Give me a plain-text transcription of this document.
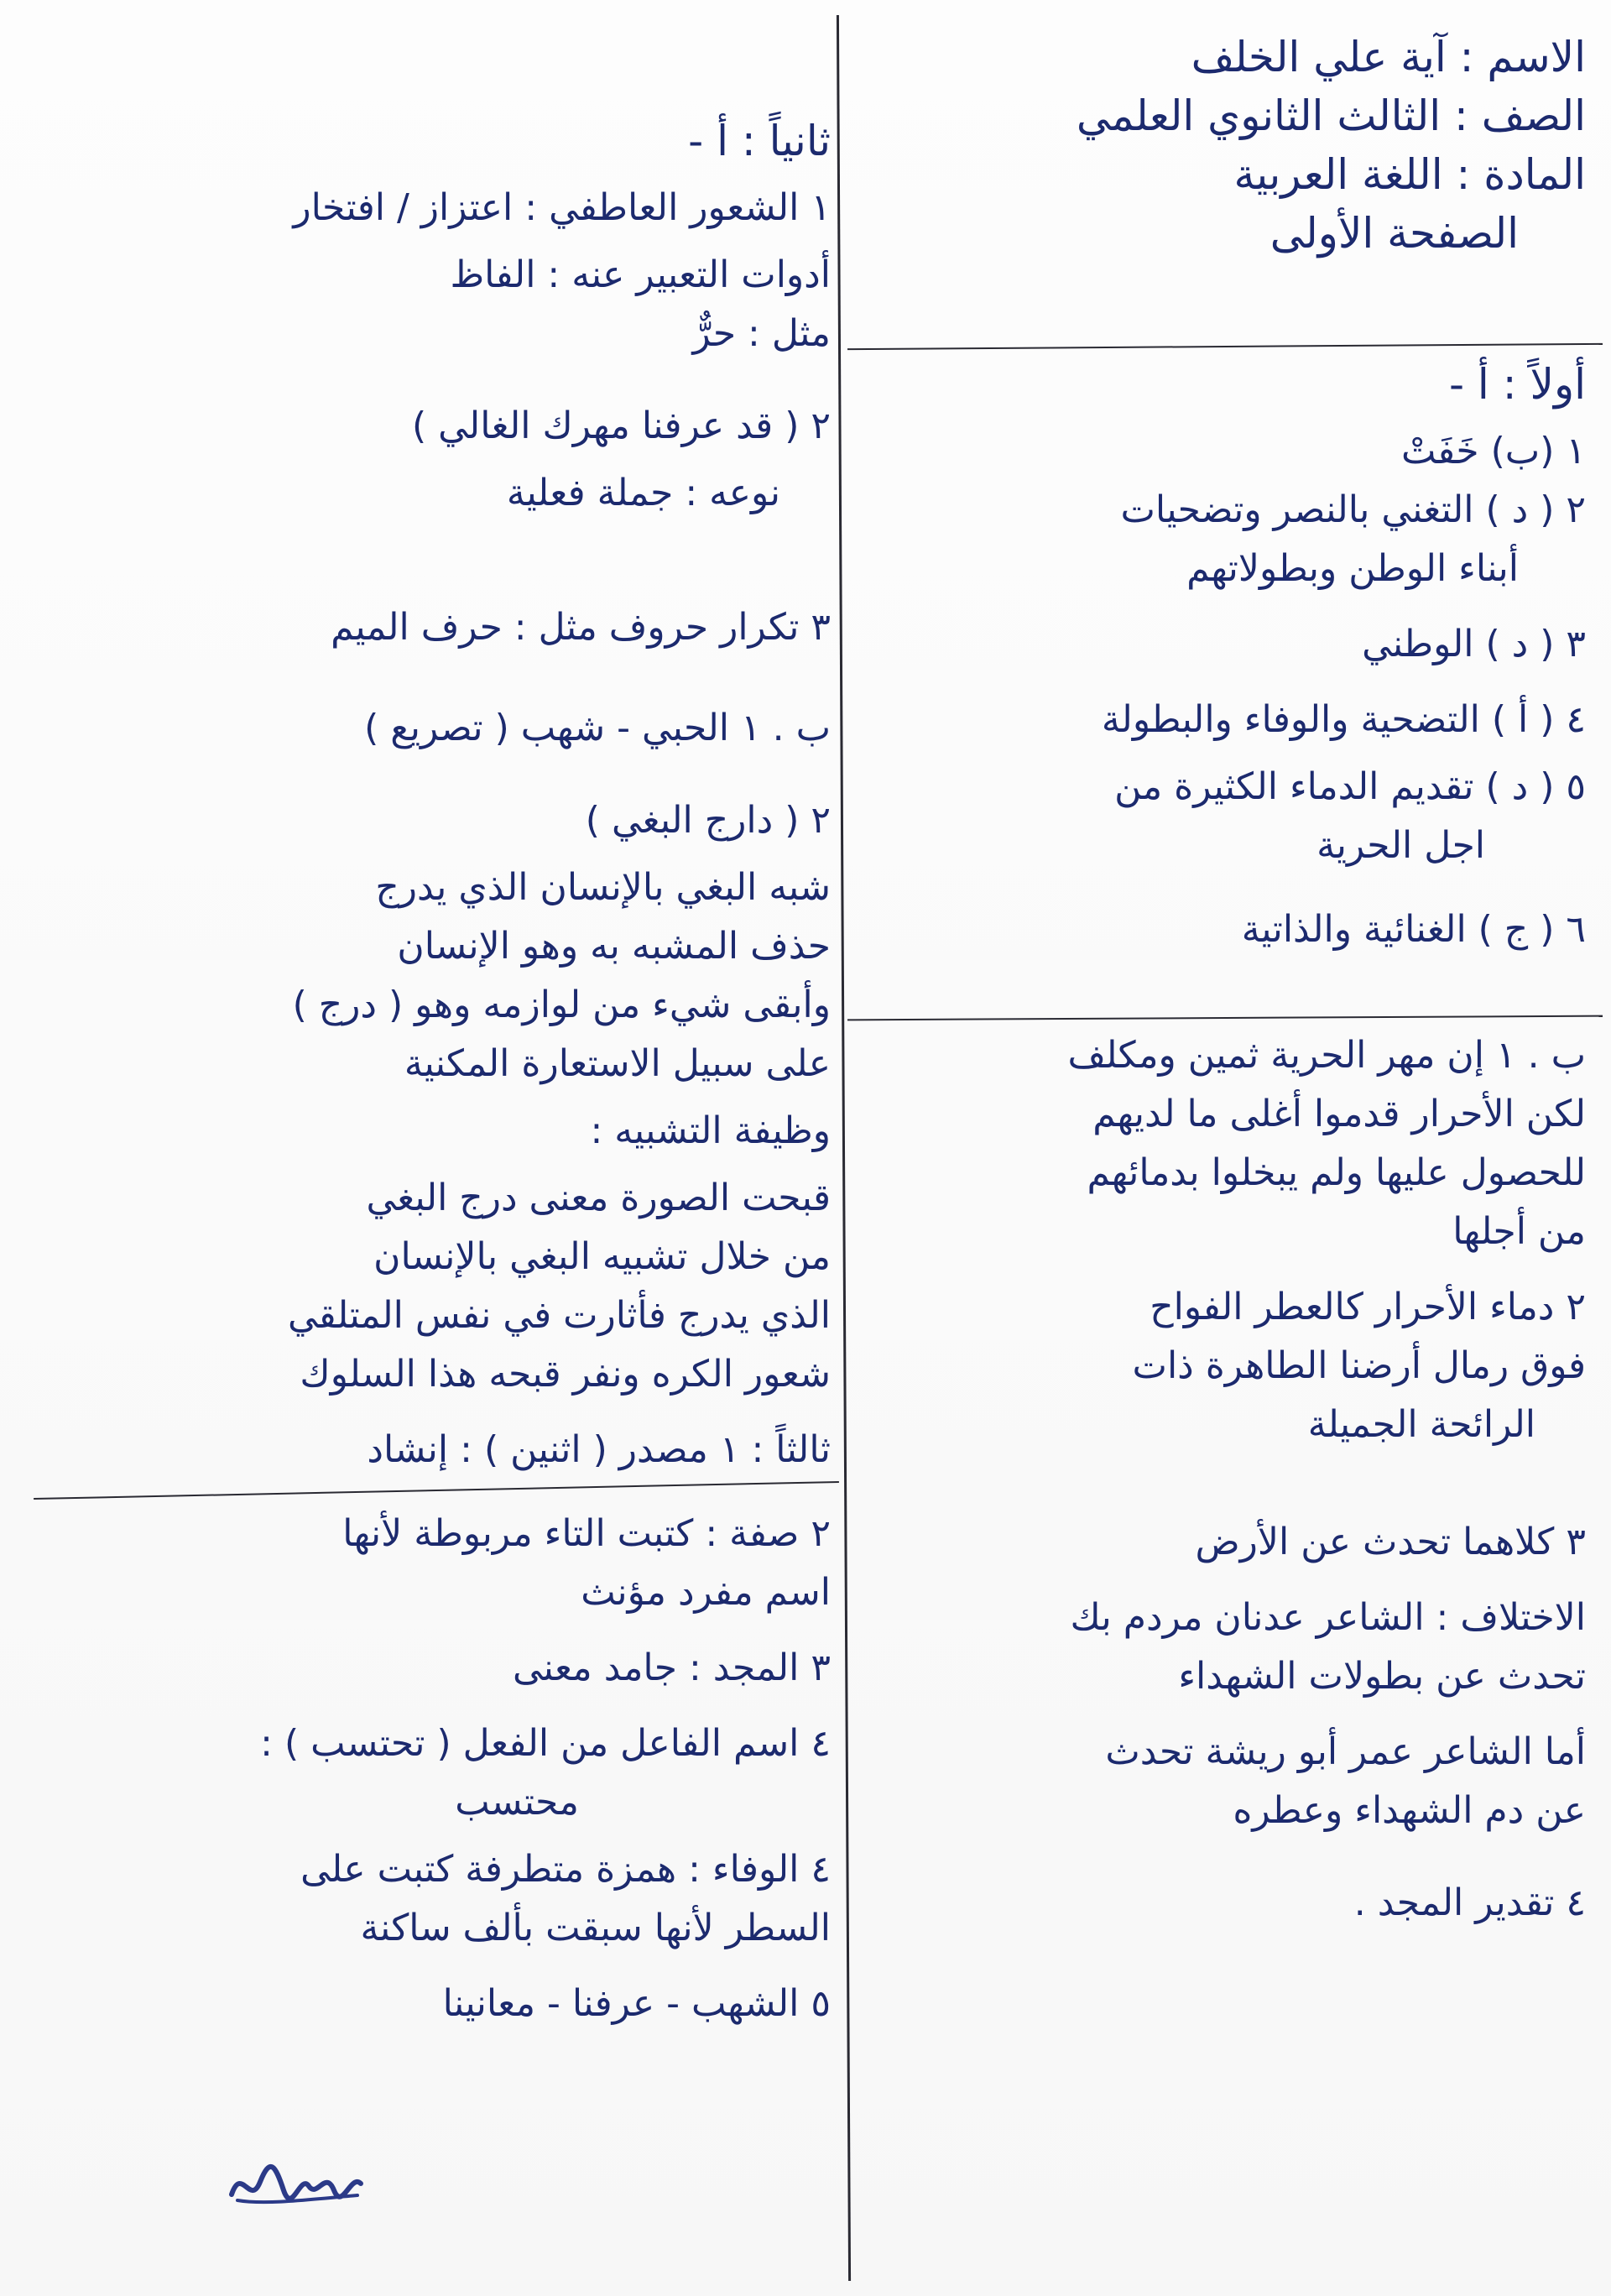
الاسم : آية علي الخلف
الصف : الثالث الثانوي العلمي
المادة : اللغة العربية
الصفحة الأولى
أولاً : أ -
١ (ب) خَفَتْ
٢ ( د ) التغني بالنصر وتضحيات
أبناء الوطن وبطولاتهم
٣ ( د ) الوطني
٤ ( أ ) التضحية والوفاء والبطولة
٥ ( د ) تقديم الدماء الكثيرة من
اجل الحرية
٦ ( ج ) الغنائية والذاتية
ب . ١ إن مهر الحرية ثمين ومكلف
لكن الأحرار قدموا أغلى ما لديهم
للحصول عليها ولم يبخلوا بدمائهم
من أجلها
٢ دماء الأحرار كالعطر الفواح
فوق رمال أرضنا الطاهرة ذات
الرائحة الجميلة
٣ كلاهما تحدث عن الأرض
الاختلاف : الشاعر عدنان مردم بك
تحدث عن بطولات الشهداء
أما الشاعر عمر أبو ريشة تحدث
عن دم الشهداء وعطره
٤ تقدير المجد .
ثانياً : أ -
١ الشعور العاطفي : اعتزاز / افتخار
أدوات التعبير عنه : الفاظ
مثل : حرٌّ
٢ ( قد عرفنا مهرك الغالي )
نوعه : جملة فعلية
٣ تكرار حروف مثل : حرف الميم
ب . ١ الحبي - شهب ( تصريع )
٢ ( دارج البغي )
شبه البغي بالإنسان الذي يدرج
حذف المشبه به وهو الإنسان
وأبقى شيء من لوازمه وهو ( درج )
على سبيل الاستعارة المكنية
وظيفة التشبيه :
قبحت الصورة معنى درج البغي
من خلال تشبيه البغي بالإنسان
الذي يدرج فأثارت في نفس المتلقي
شعور الكره ونفر قبحه هذا السلوك
ثالثاً : ١ مصدر ( اثنين ) : إنشاد
٢ صفة : كتبت التاء مربوطة لأنها
اسم مفرد مؤنث
٣ المجد : جامد معنى
٤ اسم الفاعل من الفعل ( تحتسب ) :
محتسب
٤ الوفاء : همزة متطرفة كتبت على
السطر لأنها سبقت بألف ساكنة
٥ الشهب - عرفنا - معانينا
